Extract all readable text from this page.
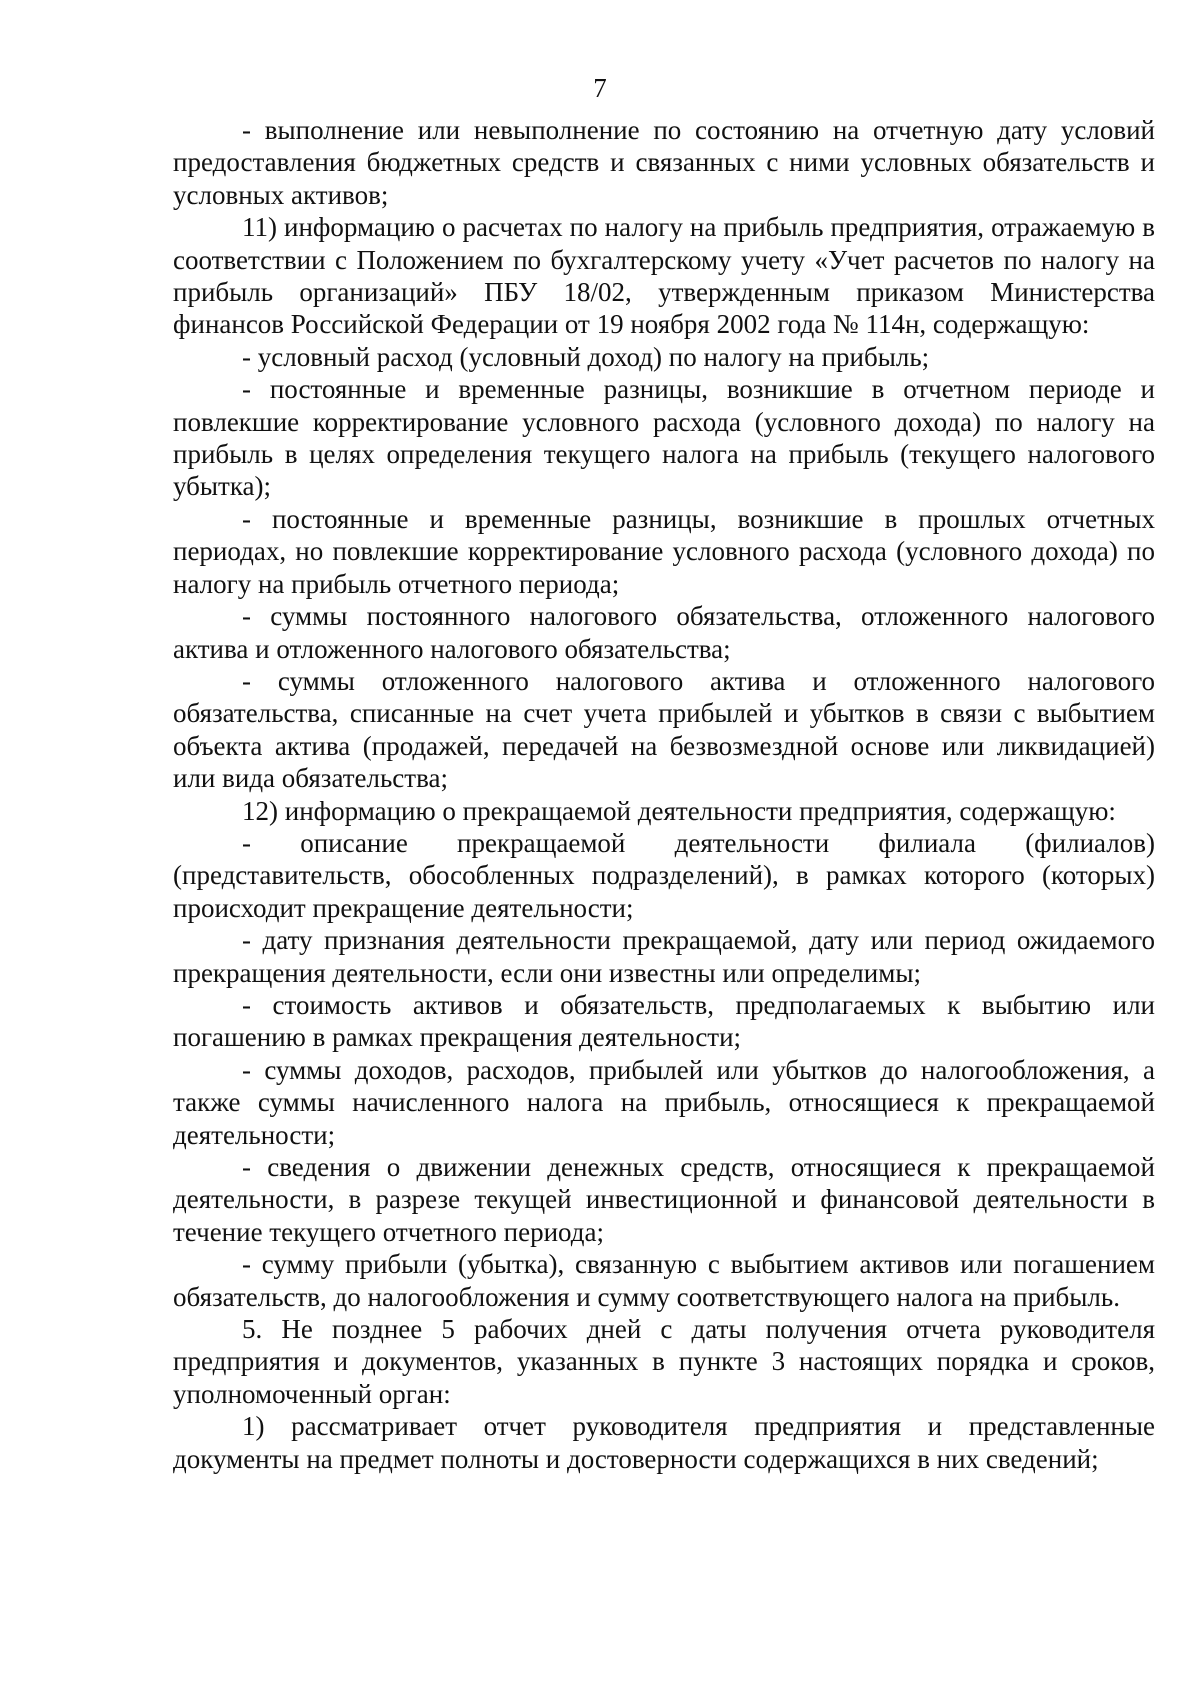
7

- выполнение или невыполнение по состоянию на отчетную дату условий предоставления бюджетных средств и связанных с ними условных обязательств и условных активов;

11) информацию о расчетах по налогу на прибыль предприятия, отражаемую в соответствии с Положением по бухгалтерскому учету «Учет расчетов по налогу на прибыль организаций» ПБУ 18/02, утвержденным приказом Министерства финансов Российской Федерации от 19 ноября 2002 года № 114н, содержащую:

- условный расход (условный доход) по налогу на прибыль;

- постоянные и временные разницы, возникшие в отчетном периоде и повлекшие корректирование условного расхода (условного дохода) по налогу на прибыль в целях определения текущего налога на прибыль (текущего налогового убытка);

- постоянные и временные разницы, возникшие в прошлых отчетных периодах, но повлекшие корректирование условного расхода (условного дохода) по налогу на прибыль отчетного периода;

- суммы постоянного налогового обязательства, отложенного налогового актива и отложенного налогового обязательства;

- суммы отложенного налогового актива и отложенного налогового обязательства, списанные на счет учета прибылей и убытков в связи с выбытием объекта актива (продажей, передачей на безвозмездной основе или ликвидацией) или вида обязательства;

12) информацию о прекращаемой деятельности предприятия, содержащую:

- описание прекращаемой деятельности филиала (филиалов) (представительств, обособленных подразделений), в рамках которого (которых) происходит прекращение деятельности;

- дату признания деятельности прекращаемой, дату или период ожидаемого прекращения деятельности, если они известны или определимы;

- стоимость активов и обязательств, предполагаемых к выбытию или погашению в рамках прекращения деятельности;

- суммы доходов, расходов, прибылей или убытков до налогообложения, а также суммы начисленного налога на прибыль, относящиеся к прекращаемой деятельности;

- сведения о движении денежных средств, относящиеся к прекращаемой деятельности, в разрезе текущей инвестиционной и финансовой деятельности в течение текущего отчетного периода;

- сумму прибыли (убытка), связанную с выбытием активов или погашением обязательств, до налогообложения и сумму соответствующего налога на прибыль.

5. Не позднее 5 рабочих дней с даты получения отчета руководителя предприятия и документов, указанных в пункте 3 настоящих порядка и сроков, уполномоченный орган:

1) рассматривает отчет руководителя предприятия и представленные документы на предмет полноты и достоверности содержащихся в них сведений;
